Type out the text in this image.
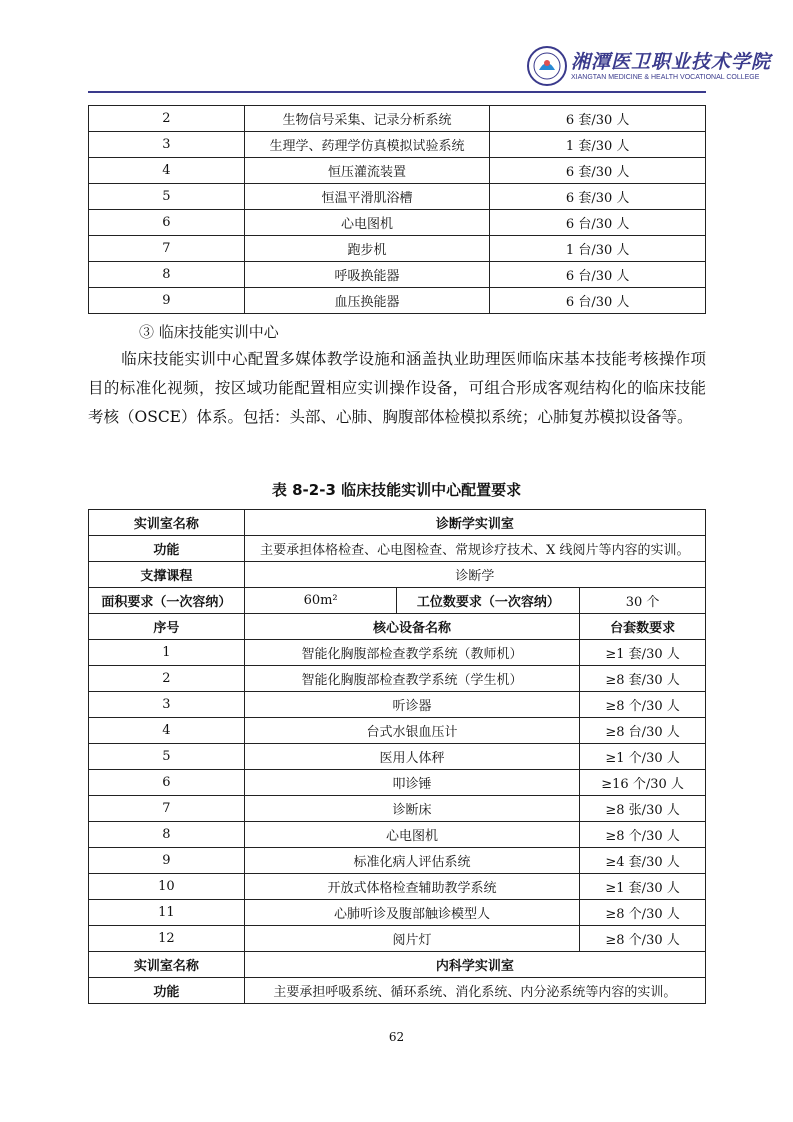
湘潭医卫职业技术学院
XIANGTAN MEDICINE & HEALTH VOCATIONAL COLLEGE
2	生物信号采集、记录分析系统	6 套/30 人
3	生理学、药理学仿真模拟试验系统	1 套/30 人
4	恒压灌流装置	6 套/30 人
5	恒温平滑肌浴槽	6 套/30 人
6	心电图机	6 台/30 人
7	跑步机	1 台/30 人
8	呼吸换能器	6 台/30 人
9	血压换能器	6 台/30 人
③ 临床技能实训中心
临床技能实训中心配置多媒体教学设施和涵盖执业助理医师临床基本技能考核操作项目的标准化视频，按区域功能配置相应实训操作设备，可组合形成客观结构化的临床技能考核（OSCE）体系。包括：头部、心肺、胸腹部体检模拟系统；心肺复苏模拟设备等。
表 8-2-3 临床技能实训中心配置要求
实训室名称	诊断学实训室		
功能	主要承担体格检查、心电图检查、常规诊疗技术、X 线阅片等内容的实训。		
支撑课程	诊断学		
面积要求（一次容纳）	60m²	工位数要求（一次容纳）	30 个
序号	核心设备名称		台套数要求
1	智能化胸腹部检查教学系统（教师机）		≥1 套/30 人
2	智能化胸腹部检查教学系统（学生机）		≥8 套/30 人
3	听诊器		≥8 个/30 人
4	台式水银血压计		≥8 台/30 人
5	医用人体秤		≥1 个/30 人
6	叩诊锤		≥16 个/30 人
7	诊断床		≥8 张/30 人
8	心电图机		≥8 个/30 人
9	标准化病人评估系统		≥4 套/30 人
10	开放式体格检查辅助教学系统		≥1 套/30 人
11	心肺听诊及腹部触诊模型人		≥8 个/30 人
12	阅片灯		≥8 个/30 人
实训室名称	内科学实训室		
功能	主要承担呼吸系统、循环系统、消化系统、内分泌系统等内容的实训。		
62
